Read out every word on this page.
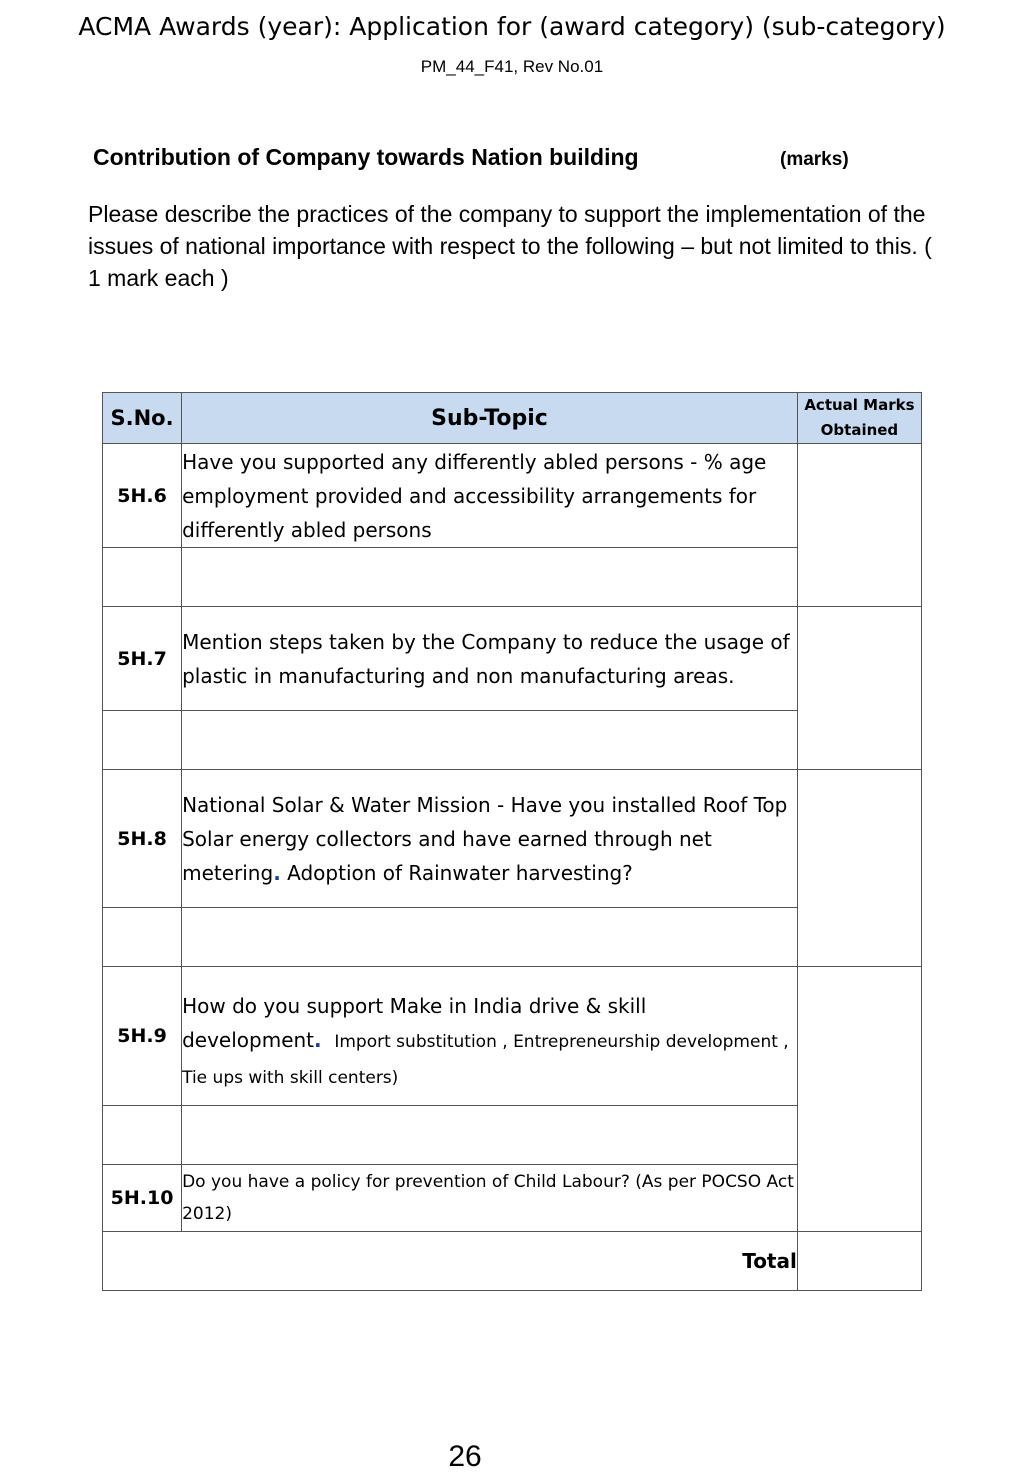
ACMA Awards (year): Application for (award category) (sub-category)
PM_44_F41, Rev No.01
Contribution of Company towards Nation building	(marks)
Please describe the practices of the company to support the implementation of the issues of national importance with respect to the following – but not limited to this. ( 1 mark each )
S.No.	Sub-Topic	Actual Marks Obtained
5H.6	Have you supported any differently abled persons - % age employment provided and accessibility arrangements for differently abled persons	

5H.7	Mention steps taken by the Company to reduce the usage of plastic in manufacturing and non manufacturing areas.	

5H.8	National Solar & Water Mission - Have you installed Roof Top Solar energy collectors and have earned through net metering. Adoption of Rainwater harvesting?	

5H.9	How do you support Make in India drive & skill development. Import substitution , Entrepreneurship development , Tie ups with skill centers)	

5H.10	Do you have a policy for prevention of Child Labour? (As per POCSO Act 2012)	
Total		
26
